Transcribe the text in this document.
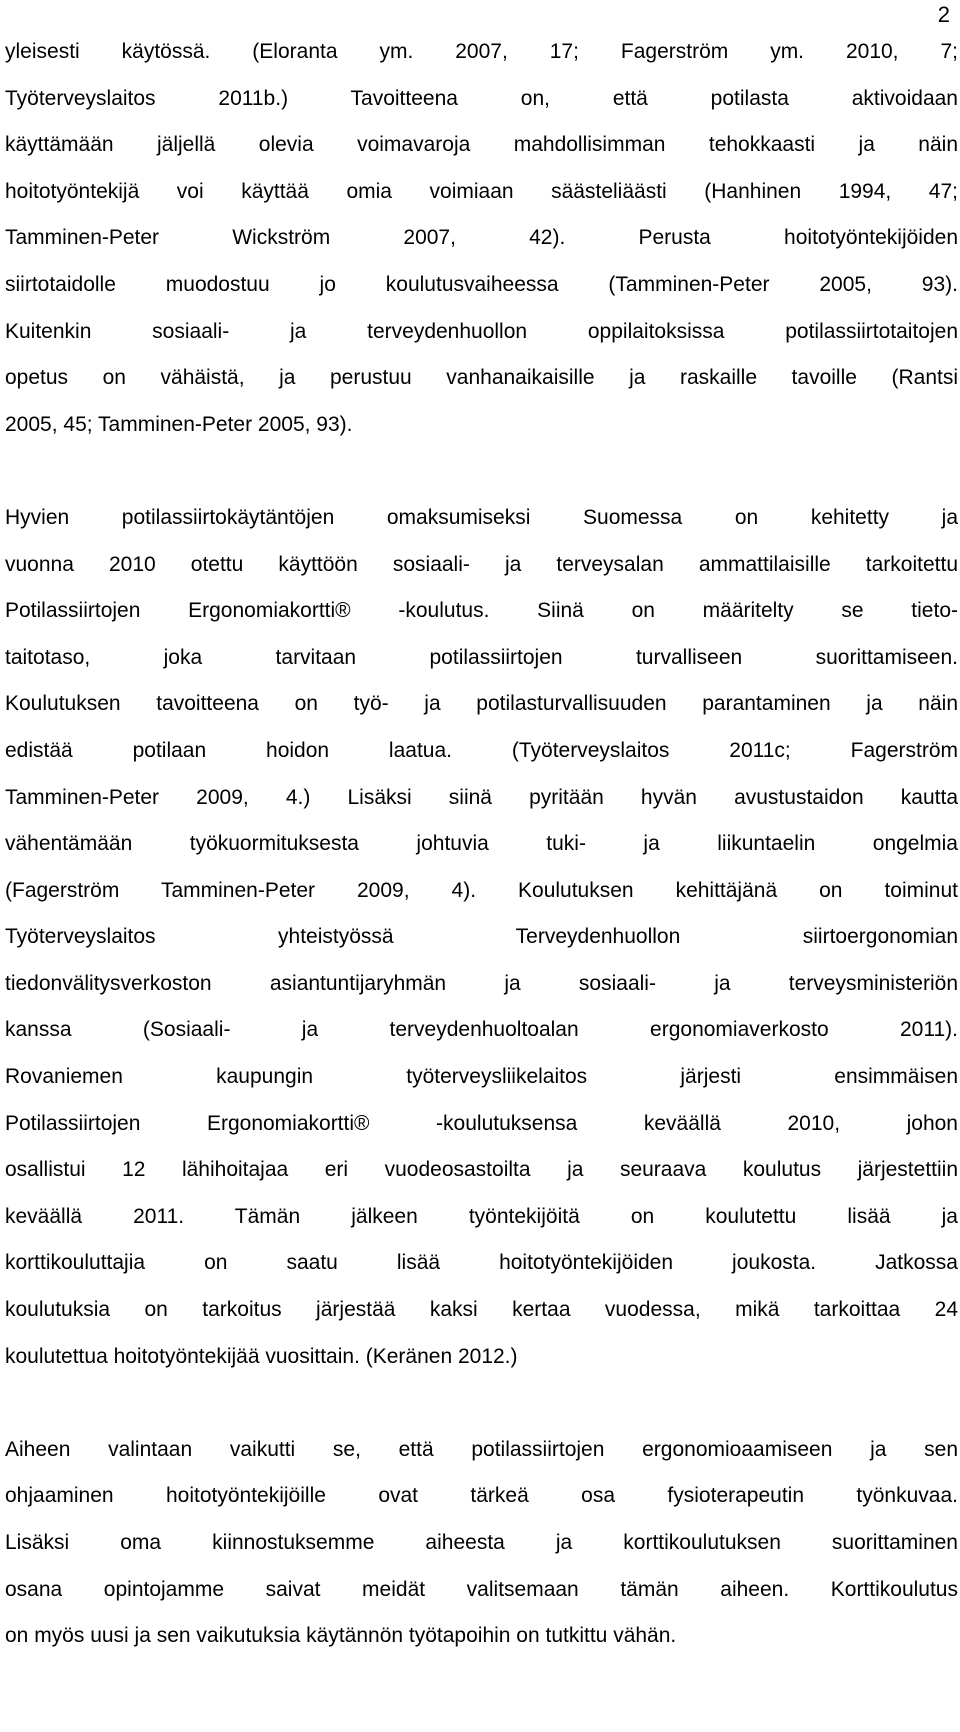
2
yleisesti käytössä. (Eloranta ym. 2007, 17; Fagerström ym. 2010, 7;
Työterveyslaitos 2011b.) Tavoitteena on, että potilasta aktivoidaan
käyttämään jäljellä olevia voimavaroja mahdollisimman tehokkaasti ja näin
hoitotyöntekijä voi käyttää omia voimiaan säästeliäästi (Hanhinen 1994, 47;
Tamminen-Peter Wickström 2007, 42). Perusta hoitotyöntekijöiden
siirtotaidolle muodostuu jo koulutusvaiheessa (Tamminen-Peter 2005, 93).
Kuitenkin sosiaali- ja terveydenhuollon oppilaitoksissa potilassiirtotaitojen
opetus on vähäistä, ja perustuu vanhanaikaisille ja raskaille tavoille (Rantsi
2005, 45; Tamminen-Peter 2005, 93).
Hyvien potilassiirtokäytäntöjen omaksumiseksi Suomessa on kehitetty ja
vuonna 2010 otettu käyttöön sosiaali- ja terveysalan ammattilaisille tarkoitettu
Potilassiirtojen Ergonomiakortti® -koulutus. Siinä on määritelty se tieto-
taitotaso, joka tarvitaan potilassiirtojen turvalliseen suorittamiseen.
Koulutuksen tavoitteena on työ- ja potilasturvallisuuden parantaminen ja näin
edistää potilaan hoidon laatua. (Työterveyslaitos 2011c; Fagerström
Tamminen-Peter 2009, 4.) Lisäksi siinä pyritään hyvän avustustaidon kautta
vähentämään työkuormituksesta johtuvia tuki- ja liikuntaelin ongelmia
(Fagerström Tamminen-Peter 2009, 4). Koulutuksen kehittäjänä on toiminut
Työterveyslaitos yhteistyössä Terveydenhuollon siirtoergonomian
tiedonvälitysverkoston asiantuntijaryhmän ja sosiaali- ja terveysministeriön
kanssa (Sosiaali- ja terveydenhuoltoalan ergonomiaverkosto 2011).
Rovaniemen kaupungin työterveysliikelaitos järjesti ensimmäisen
Potilassiirtojen Ergonomiakortti® -koulutuksensa keväällä 2010, johon
osallistui 12 lähihoitajaa eri vuodeosastoilta ja seuraava koulutus järjestettiin
keväällä 2011. Tämän jälkeen työntekijöitä on koulutettu lisää ja
korttikouluttajia on saatu lisää hoitotyöntekijöiden joukosta. Jatkossa
koulutuksia on tarkoitus järjestää kaksi kertaa vuodessa, mikä tarkoittaa 24
koulutettua hoitotyöntekijää vuosittain. (Keränen 2012.)
Aiheen valintaan vaikutti se, että potilassiirtojen ergonomioaamiseen ja sen
ohjaaminen hoitotyöntekijöille ovat tärkeä osa fysioterapeutin työnkuvaa.
Lisäksi oma kiinnostuksemme aiheesta ja korttikoulutuksen suorittaminen
osana opintojamme saivat meidät valitsemaan tämän aiheen. Korttikoulutus
on myös uusi ja sen vaikutuksia käytännön työtapoihin on tutkittu vähän.
